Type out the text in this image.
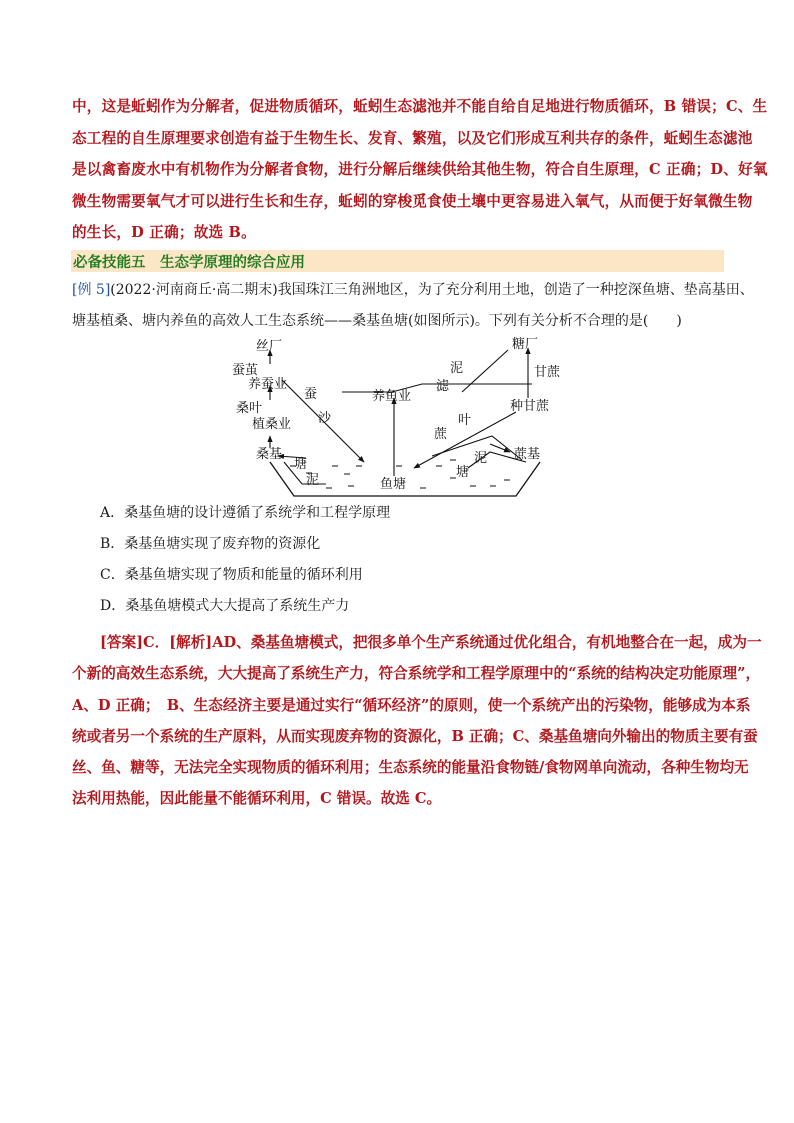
中，这是蚯蚓作为分解者，促进物质循环，蚯蚓生态滤池并不能自给自足地进行物质循环，B 错误；C、生
态工程的自生原理要求创造有益于生物生长、发育、繁殖，以及它们形成互利共存的条件，蚯蚓生态滤池
是以禽畜废水中有机物作为分解者食物，进行分解后继续供给其他生物，符合自生原理，C 正确；D、好氧
微生物需要氧气才可以进行生长和生存，蚯蚓的穿梭觅食使土壤中更容易进入氧气，从而便于好氧微生物
的生长，D 正确；故选 B。
必备技能五　生态学原理的综合应用
[例 5](2022·河南商丘·高二期末)我国珠江三角洲地区，为了充分利用土地，创造了一种挖深鱼塘、垫高基田、
塘基植桑、塘内养鱼的高效人工生态系统——桑基鱼塘(如图所示)。下列有关分析不合理的是(　　)
丝厂
蚕茧
养蚕业
桑叶
植桑业
桑基
蚕
沙
养鱼业
泥
滤
糖厂
甘蔗
种甘蔗
叶
蔗
蔗基
塘
泥
泥
塘
鱼塘
A．桑基鱼塘的设计遵循了系统学和工程学原理
B．桑基鱼塘实现了废弃物的资源化
C．桑基鱼塘实现了物质和能量的循环利用
D．桑基鱼塘模式大大提高了系统生产力
[答案]C．[解析]AD、桑基鱼塘模式，把很多单个生产系统通过优化组合，有机地整合在一起，成为一
个新的高效生态系统，大大提高了系统生产力，符合系统学和工程学原理中的“系统的结构决定功能原理”，
A、D 正确；　B、生态经济主要是通过实行“循环经济”的原则，使一个系统产出的污染物，能够成为本系
统或者另一个系统的生产原料，从而实现废弃物的资源化，B 正确；C、桑基鱼塘向外输出的物质主要有蚕
丝、鱼、糖等，无法完全实现物质的循环利用；生态系统的能量沿食物链/食物网单向流动，各种生物均无
法利用热能，因此能量不能循环利用，C 错误。故选 C。
